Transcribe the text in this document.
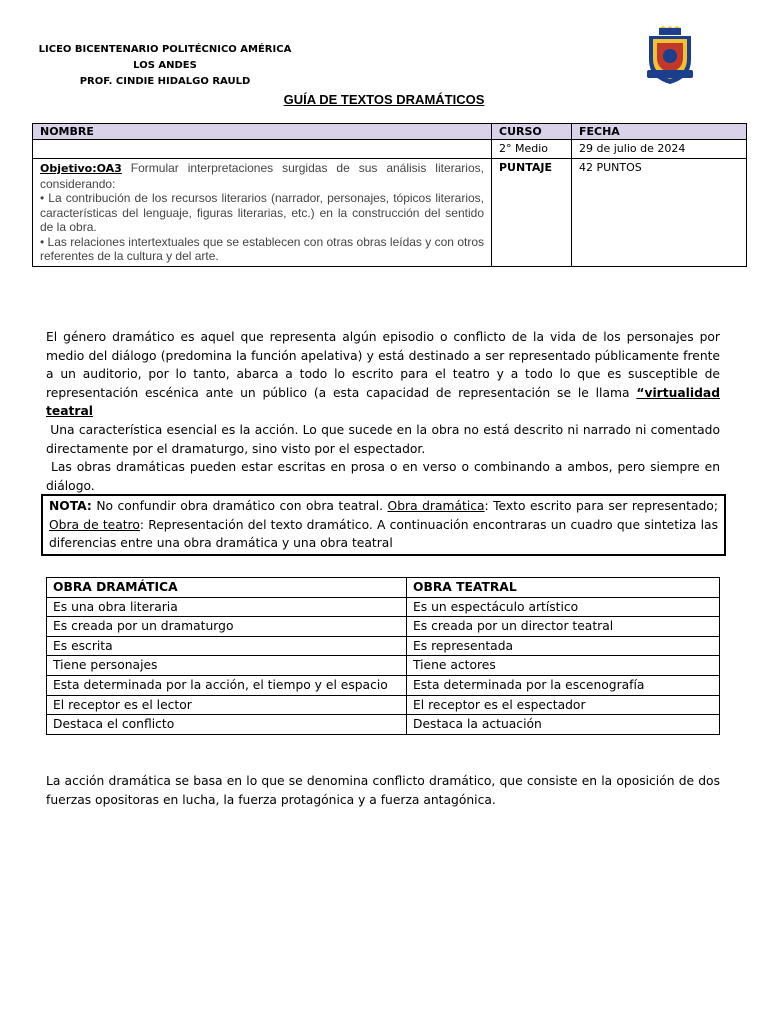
LICEO BICENTENARIO POLITÉCNICO AMÉRICA
LOS ANDES
PROF. CINDIE HIDALGO RAULD
GUÍA DE TEXTOS DRAMÁTICOS
NOMBRE	CURSO	FECHA
	2° Medio	29 de julio de 2024
Objetivo:OA3 Formular interpretaciones surgidas de sus análisis literarios, considerando:
• La contribución de los recursos literarios (narrador, personajes, tópicos literarios, características del lenguaje, figuras literarias, etc.) en la construcción del sentido de la obra.
• Las relaciones intertextuales que se establecen con otras obras leídas y con otros referentes de la cultura y del arte.	PUNTAJE	42 PUNTOS
El género dramático es aquel que representa algún episodio o conflicto de la vida de los personajes por medio del diálogo (predomina la función apelativa) y está destinado a ser representado públicamente frente a un auditorio, por lo tanto, abarca a todo lo escrito para el teatro y a todo lo que es susceptible de representación escénica ante un público (a esta capacidad de representación se le llama “virtualidad teatral
Una característica esencial es la acción. Lo que sucede en la obra no está descrito ni narrado ni comentado directamente por el dramaturgo, sino visto por el espectador.
Las obras dramáticas pueden estar escritas en prosa o en verso o combinando a ambos, pero siempre en diálogo.
NOTA: No confundir obra dramático con obra teatral. Obra dramática: Texto escrito para ser representado; Obra de teatro: Representación del texto dramático. A continuación encontraras un cuadro que sintetiza las diferencias entre una obra dramática y una obra teatral
OBRA DRAMÁTICA	OBRA TEATRAL
Es una obra literaria	Es un espectáculo artístico
Es creada por un dramaturgo	Es creada por un director teatral
Es escrita	Es representada
Tiene personajes	Tiene actores
Esta determinada por la acción, el tiempo y el espacio	Esta determinada por la escenografía
El receptor es el lector	El receptor es el espectador
Destaca el conflicto	Destaca la actuación
La acción dramática se basa en lo que se denomina conflicto dramático, que consiste en la oposición de dos fuerzas opositoras en lucha, la fuerza protagónica y a fuerza antagónica.
